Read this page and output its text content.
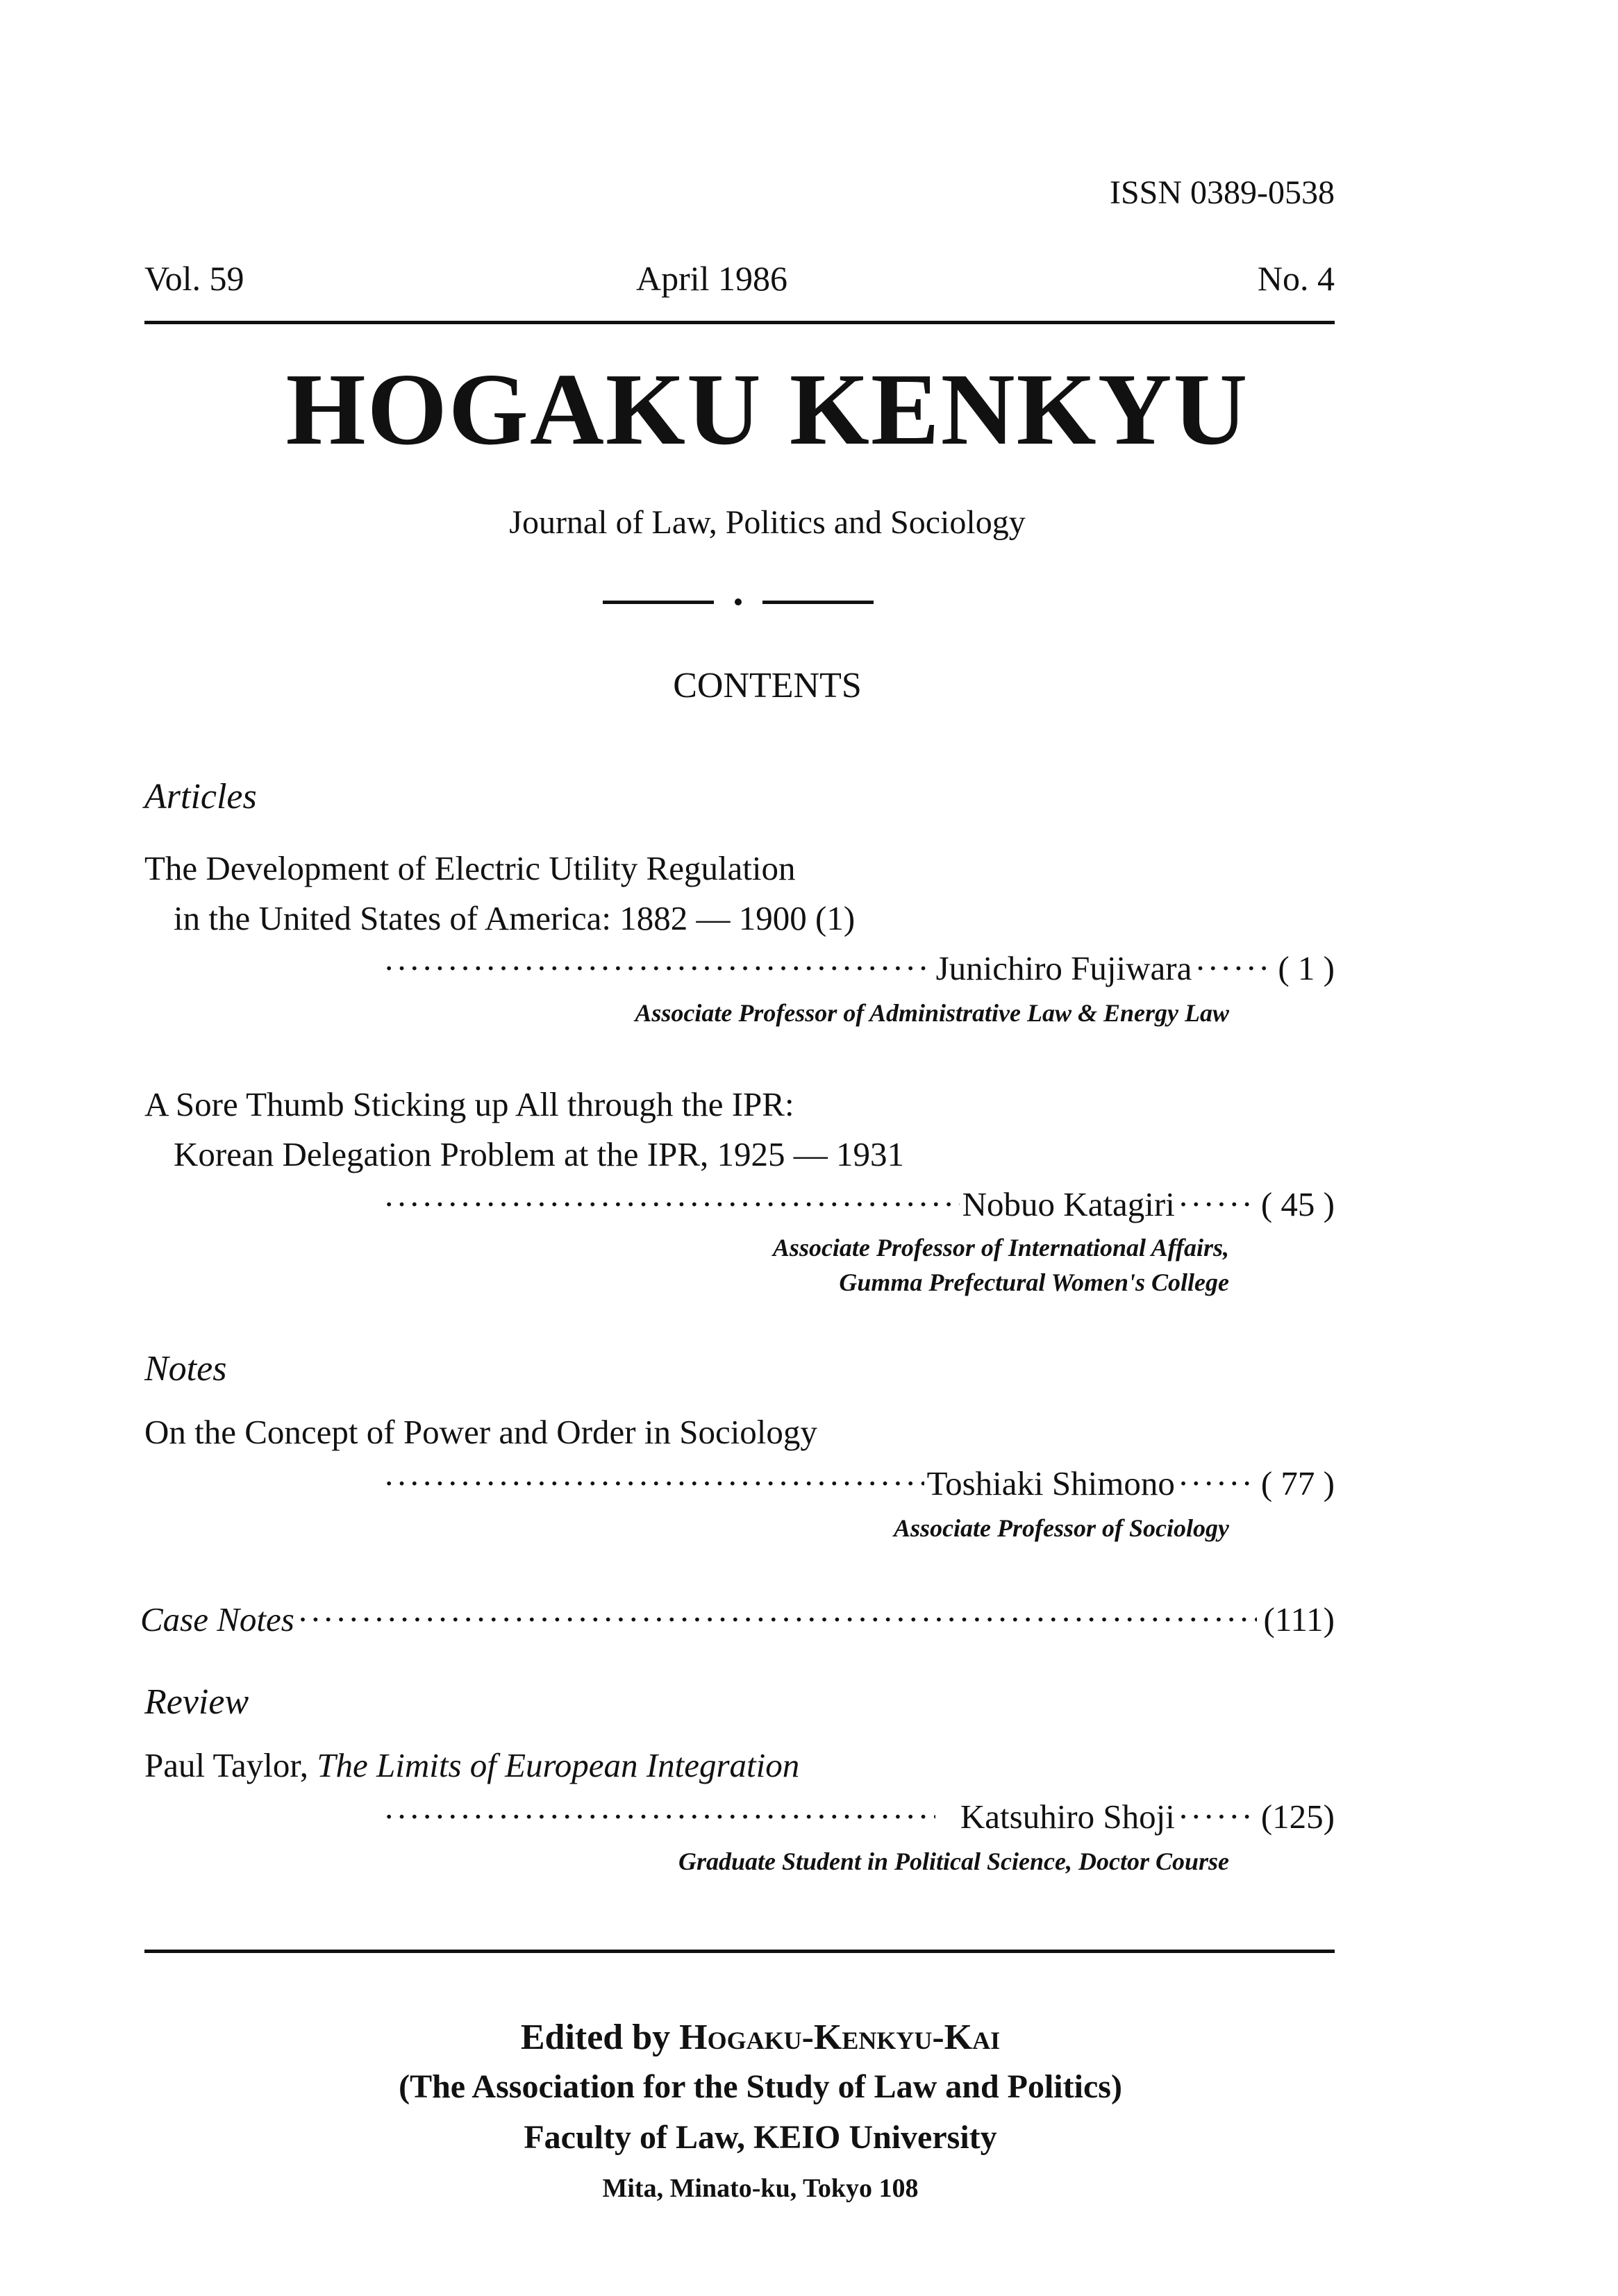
ISSN 0389-0538
Vol. 59	April 1986	No. 4
HOGAKU KENKYU
Journal of Law, Politics and Sociology
CONTENTS
Articles
The Development of Electric Utility Regulation
in the United States of America: 1882 — 1900 (1)
·····
Junichiro Fujiwara ·····	( 1 )
Associate Professor of Administrative Law & Energy Law
A Sore Thumb Sticking up All through the IPR:
Korean Delegation Problem at the IPR, 1925 — 1931
·····
Nobuo Katagiri ·····	( 45 )
Associate Professor of International Affairs,
Gumma Prefectural Women's College
Notes
On the Concept of Power and Order in Sociology
·····
Toshiaki Shimono ·····	( 77 )
Associate Professor of Sociology
Case Notes ·····	(111)
Review
Paul Taylor, The Limits of European Integration
·····
Katsuhiro Shoji ·····	(125)
Graduate Student in Political Science, Doctor Course
Edited by Hogaku-Kenkyu-Kai
(The Association for the Study of Law and Politics)
Faculty of Law, KEIO University
Mita, Minato-ku, Tokyo 108
